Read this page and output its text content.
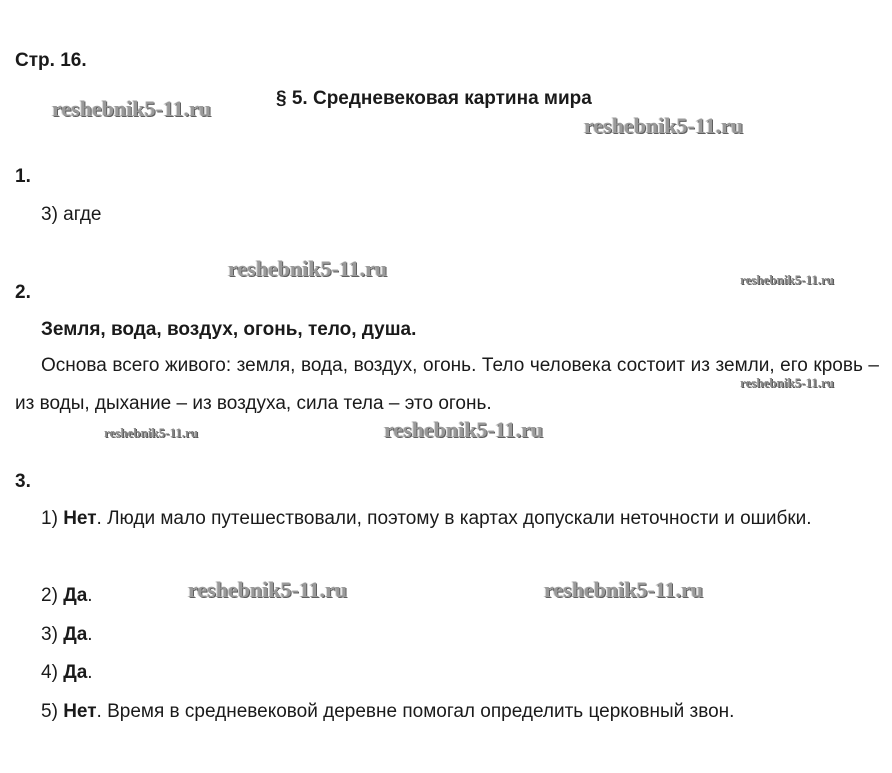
Стр. 16.
§ 5. Средневековая картина мира
1.
3) агде
2.
Земля, вода, воздух, огонь, тело, душа.
Основа всего живого: земля, вода, воздух, огонь. Тело человека состоит из земли, его кровь – из воды, дыхание – из воздуха, сила тела – это огонь.
3.
1) Нет. Люди мало путешествовали, поэтому в картах допускали неточности и ошибки.
2) Да.
3) Да.
4) Да.
5) Нет. Время в средневековой деревне помогал определить церковный звон.
reshebnik5-11.ru
reshebnik5-11.ru
reshebnik5-11.ru	reshebnik5-11.ru
reshebnik5-11.ru
reshebnik5-11.ru	reshebnik5-11.ru
reshebnik5-11.ru	reshebnik5-11.ru
